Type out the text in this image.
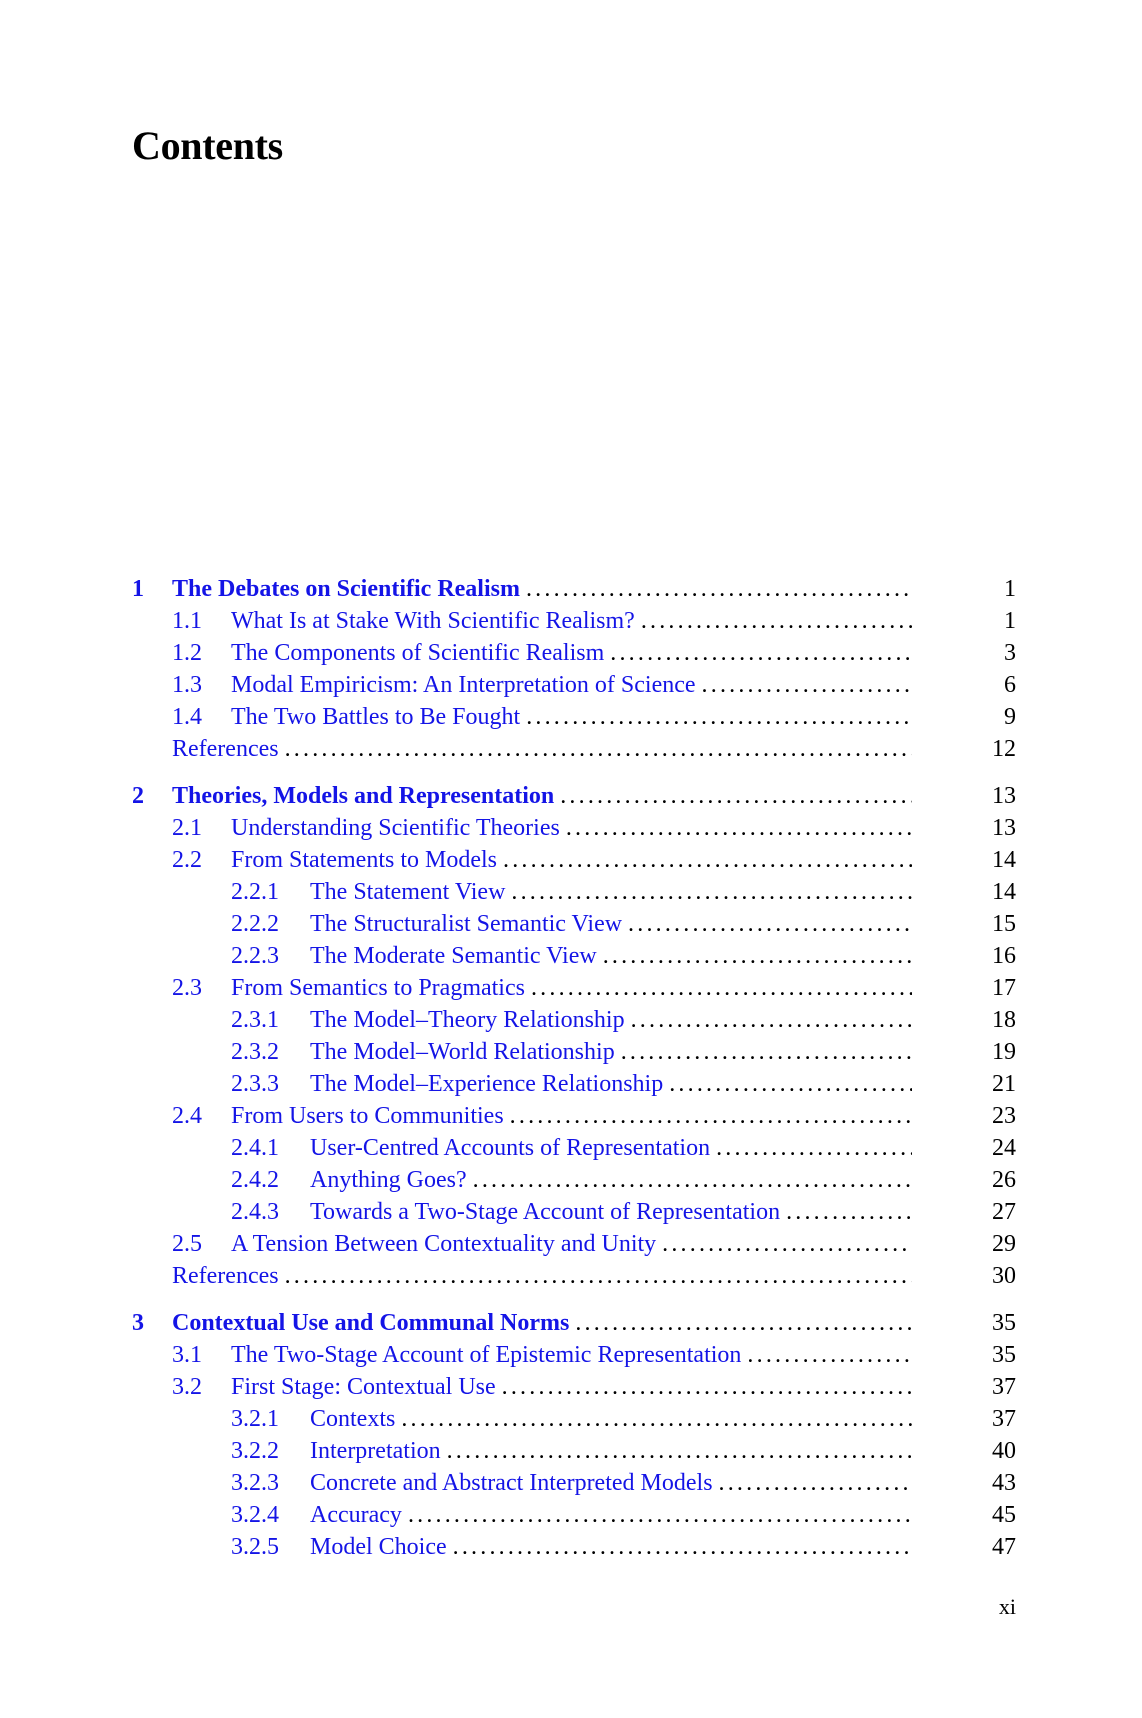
Contents
1 The Debates on Scientific Realism .....	1
1.1 What Is at Stake With Scientific Realism? .....	1
1.2 The Components of Scientific Realism .....	3
1.3 Modal Empiricism: An Interpretation of Science .....	6
1.4 The Two Battles to Be Fought .....	9
References .....	12
2 Theories, Models and Representation .....	13
2.1 Understanding Scientific Theories .....	13
2.2 From Statements to Models .....	14
2.2.1 The Statement View .....	14
2.2.2 The Structuralist Semantic View .....	15
2.2.3 The Moderate Semantic View .....	16
2.3 From Semantics to Pragmatics .....	17
2.3.1 The Model–Theory Relationship .....	18
2.3.2 The Model–World Relationship .....	19
2.3.3 The Model–Experience Relationship .....	21
2.4 From Users to Communities .....	23
2.4.1 User-Centred Accounts of Representation .....	24
2.4.2 Anything Goes? .....	26
2.4.3 Towards a Two-Stage Account of Representation .....	27
2.5 A Tension Between Contextuality and Unity .....	29
References .....	30
3 Contextual Use and Communal Norms .....	35
3.1 The Two-Stage Account of Epistemic Representation .....	35
3.2 First Stage: Contextual Use .....	37
3.2.1 Contexts .....	37
3.2.2 Interpretation .....	40
3.2.3 Concrete and Abstract Interpreted Models .....	43
3.2.4 Accuracy .....	45
3.2.5 Model Choice .....	47
xi
